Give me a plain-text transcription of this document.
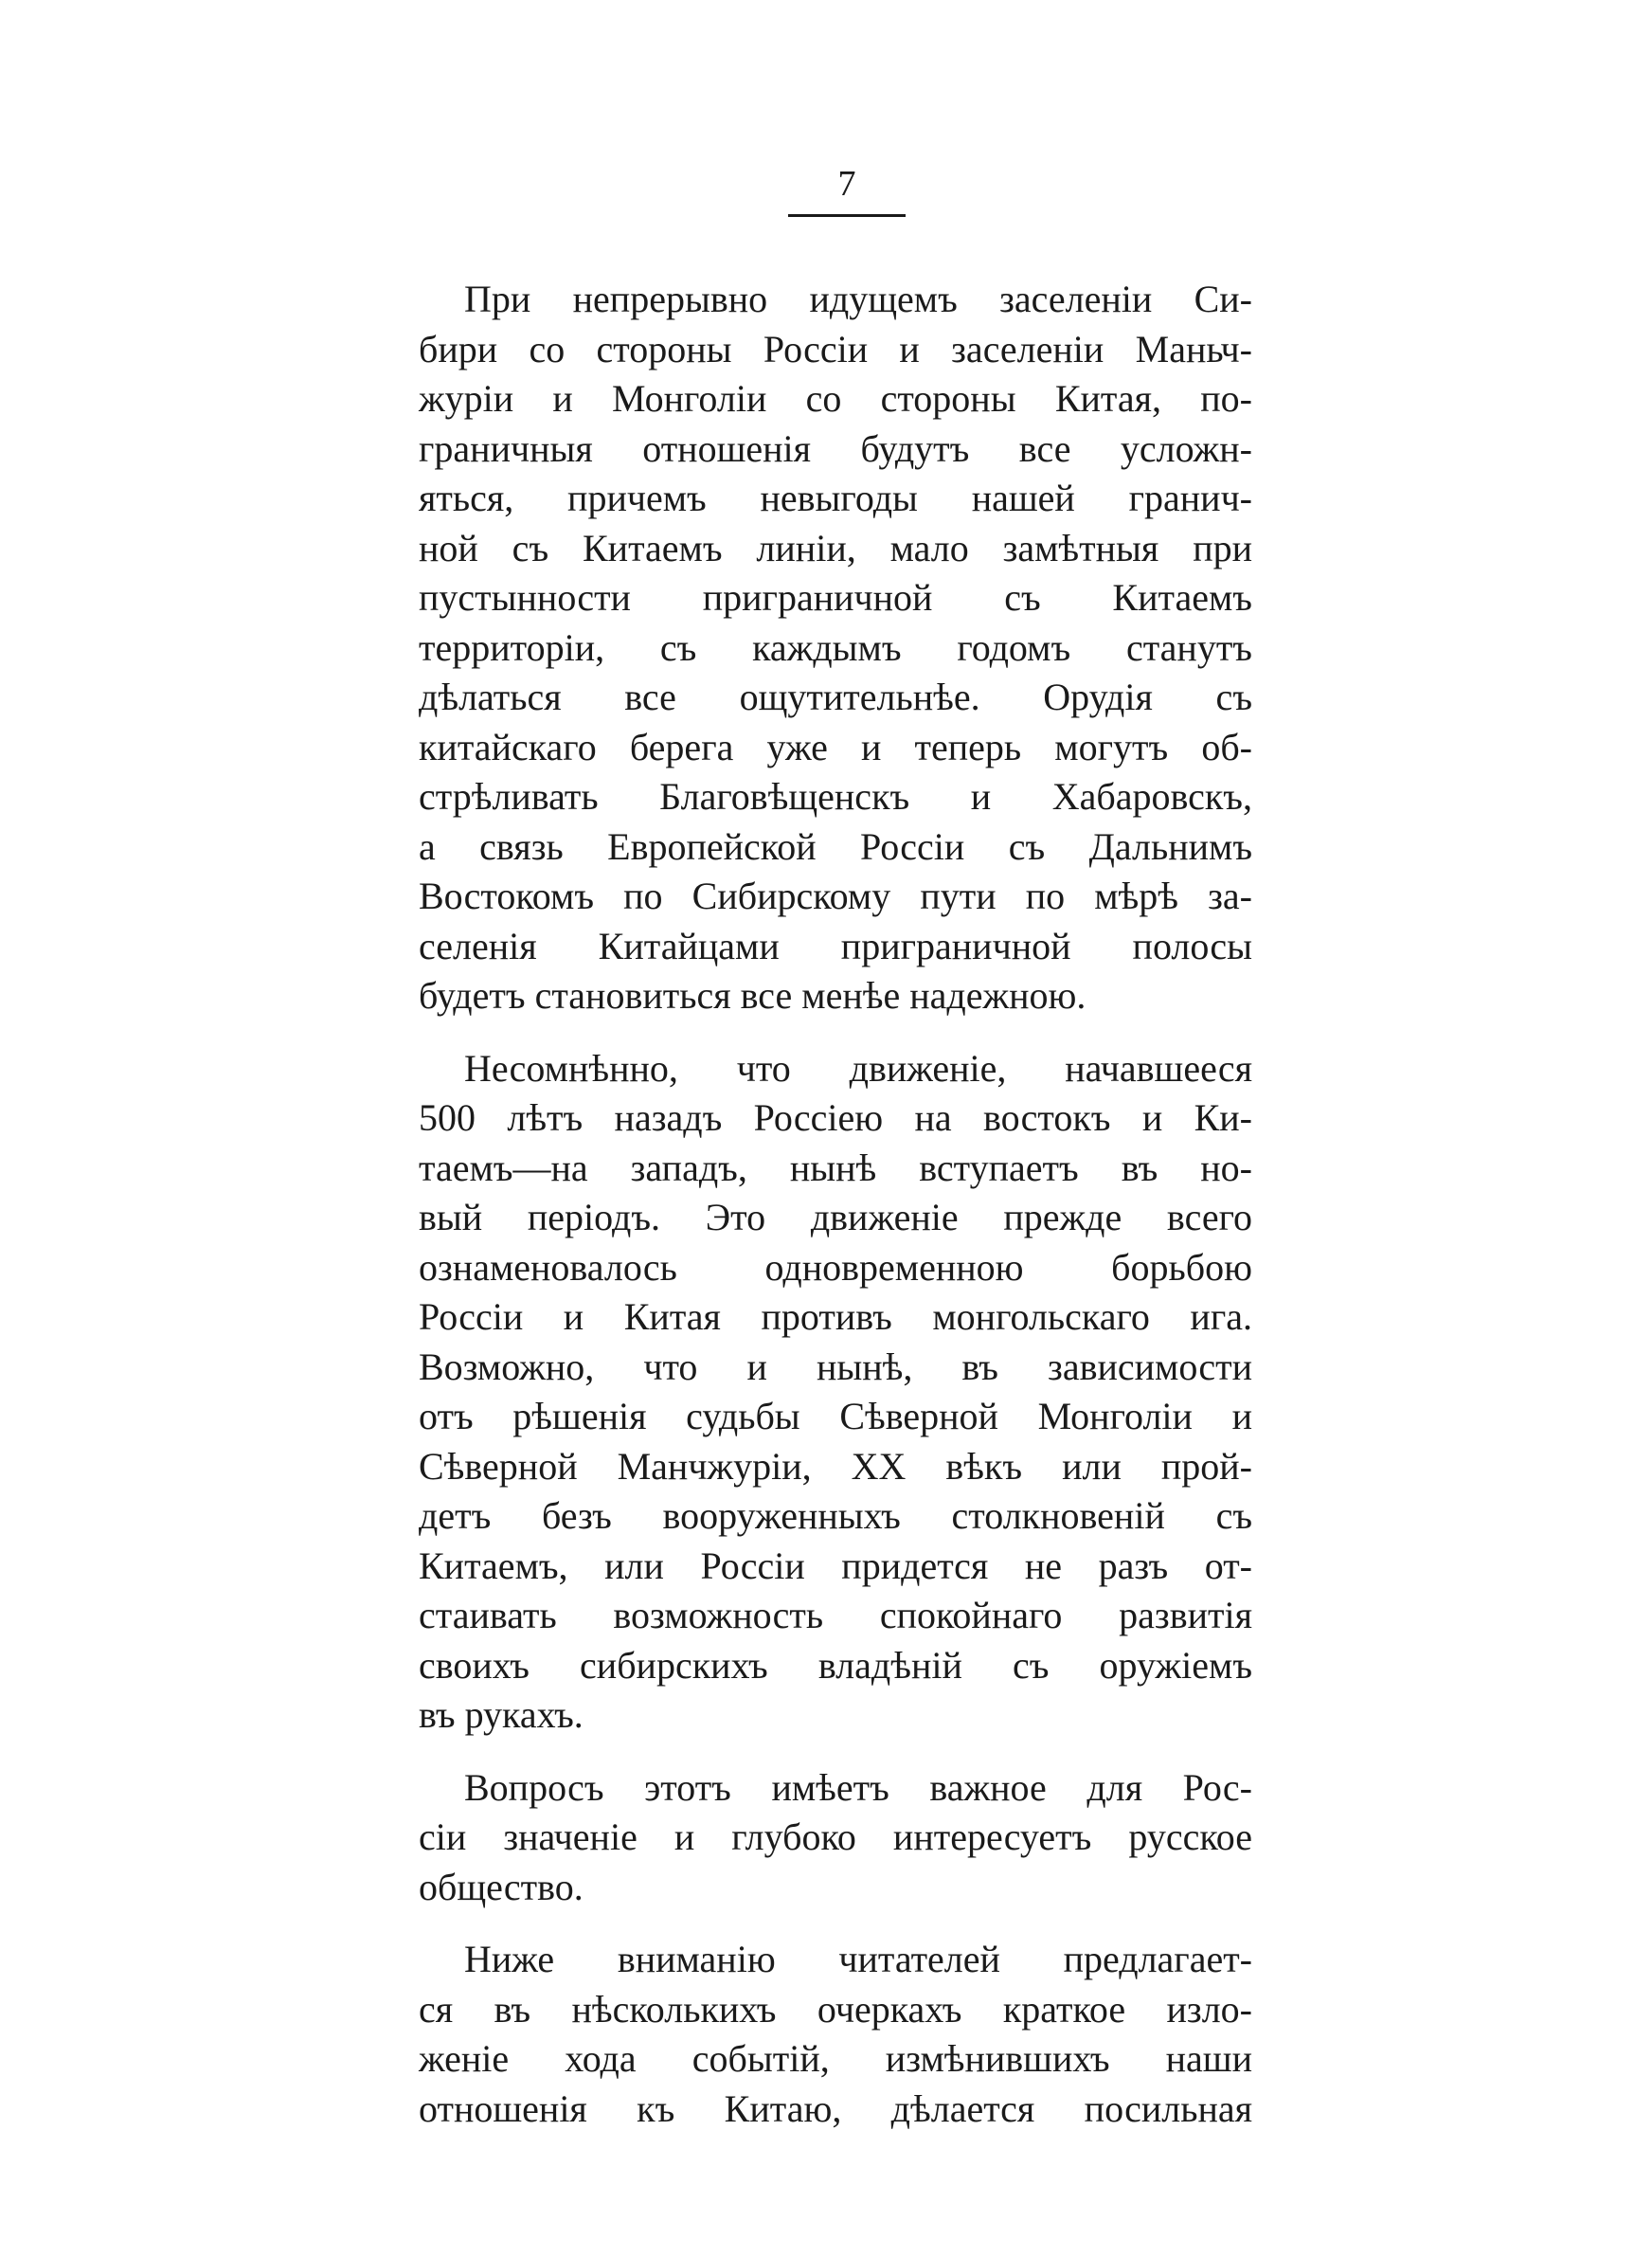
7
При непрерывно идущемъ заселеніи Си-
бири со стороны Россіи и заселеніи Маньч-
журіи и Монголіи со стороны Китая, по-
граничныя отношенія будутъ все усложн-
яться, причемъ невыгоды нашей гранич-
ной съ Китаемъ линіи, мало замѣтныя при
пустынности приграничной съ Китаемъ
территоріи, съ каждымъ годомъ станутъ
дѣлаться все ощутительнѣе. Орудія съ
китайскаго берега уже и теперь могутъ об-
стрѣливать Благовѣщенскъ и Хабаровскъ,
а связь Европейской Россіи съ Дальнимъ
Востокомъ по Сибирскому пути по мѣрѣ за-
селенія Китайцами приграничной полосы
будетъ становиться все менѣе надежною.
Несомнѣнно, что движеніе, начавшееся
500 лѣтъ назадъ Россіею на востокъ и Ки-
таемъ—на западъ, нынѣ вступаетъ въ но-
вый періодъ. Это движеніе прежде всего
ознаменовалось одновременною борьбою
Россіи и Китая противъ монгольскаго ига.
Возможно, что и нынѣ, въ зависимости
отъ рѣшенія судьбы Сѣверной Монголіи и
Сѣверной Манчжуріи, XX вѣкъ или прой-
детъ безъ вооруженныхъ столкновеній съ
Китаемъ, или Россіи придется не разъ от-
стаивать возможность спокойнаго развитія
своихъ сибирскихъ владѣній съ оружіемъ
въ рукахъ.
Вопросъ этотъ имѣетъ важное для Рос-
сіи значеніе и глубоко интересуетъ русское
общество.
Ниже вниманію читателей предлагает-
ся въ нѣсколькихъ очеркахъ краткое изло-
женіе хода событій, измѣнившихъ наши
отношенія къ Китаю, дѣлается посильная
